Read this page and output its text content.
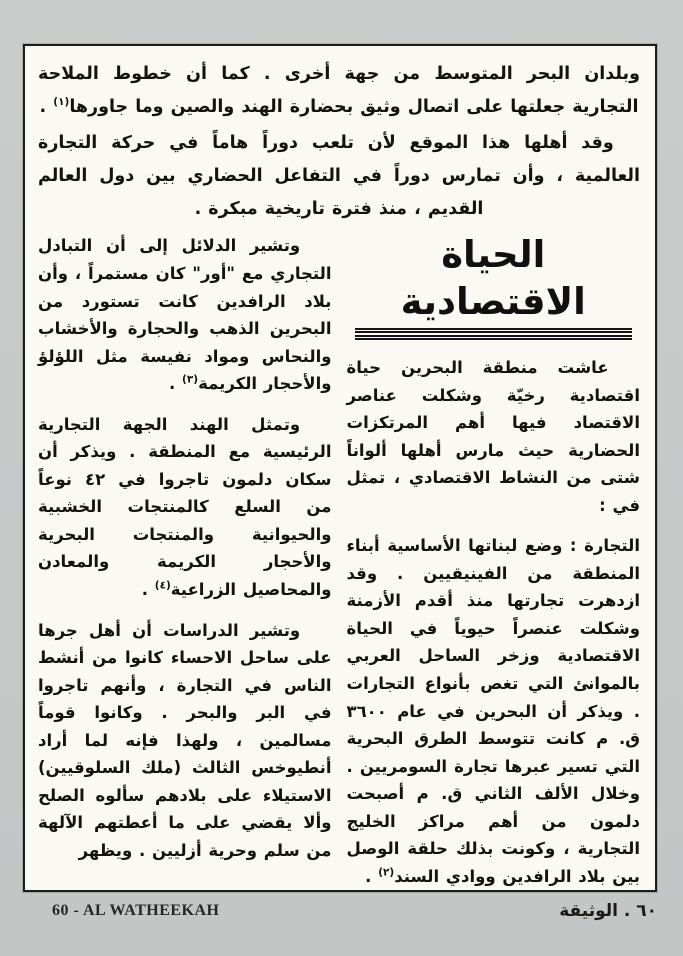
وبلدان البحر المتوسط من جهة أخرى . كما أن خطوط الملاحة التجارية جعلتها على اتصال وثيق بحضارة الهند والصين وما جاورها$^{(١)}$ .

وقد أهلها هذا الموقع لأن تلعب دوراً هاماً في حركة التجارة العالمية ، وأن تمارس دوراً في التفاعل الحضاري بين دول العالم القديم ، منذ فترة تاريخية مبكرة .

الحياة الاقتصادية

عاشت منطقة البحرين حياة اقتصادية رخيّة وشكلت عناصر الاقتصاد فيها أهم المرتكزات الحضارية حيث مارس أهلها ألواناً شتى من النشاط الاقتصادي ، تمثل في :

التجارة : وضع لبناتها الأساسية أبناء المنطقة من الفينيقيين . وقد ازدهرت تجارتها منذ أقدم الأزمنة وشكلت عنصراً حيوياً في الحياة الاقتصادية وزخر الساحل العربي بالموانئ التي تغص بأنواع التجارات . ويذكر أن البحرين في عام ٣٦٠٠ ق. م كانت تتوسط الطرق البحرية التي تسير عبرها تجارة السومريين . وخلال الألف الثاني ق. م أصبحت دلمون من أهم مراكز الخليج التجارية ، وكونت بذلك حلقة الوصل بين بلاد الرافدين ووادي السند$^{(٢)}$ .

وتشير الدلائل إلى أن التبادل التجاري مع "أور" كان مستمراً ، وأن بلاد الرافدين كانت تستورد من البحرين الذهب والحجارة والأخشاب والنحاس ومواد نفيسة مثل اللؤلؤ والأحجار الكريمة$^{(٣)}$ .

وتمثل الهند الجهة التجارية الرئيسية مع المنطقة . ويذكر أن سكان دلمون تاجروا في ٤٢ نوعاً من السلع كالمنتجات الخشبية والحيوانية والمنتجات البحرية والأحجار الكريمة والمعادن والمحاصيل الزراعية$^{(٤)}$ .

وتشير الدراسات أن أهل جرها على ساحل الاحساء كانوا من أنشط الناس في التجارة ، وأنهم تاجروا في البر والبحر . وكانوا قوماً مسالمين ، ولهذا فإنه لما أراد أنطيوخس الثالث (ملك السلوقيين) الاستيلاء على بلادهم سألوه الصلح وألا يقضي على ما أعطتهم الآلهة من سلم وحرية أزليين . ويظهر

60 - AL WATHEEKAH	٦٠ . الوثيقة
